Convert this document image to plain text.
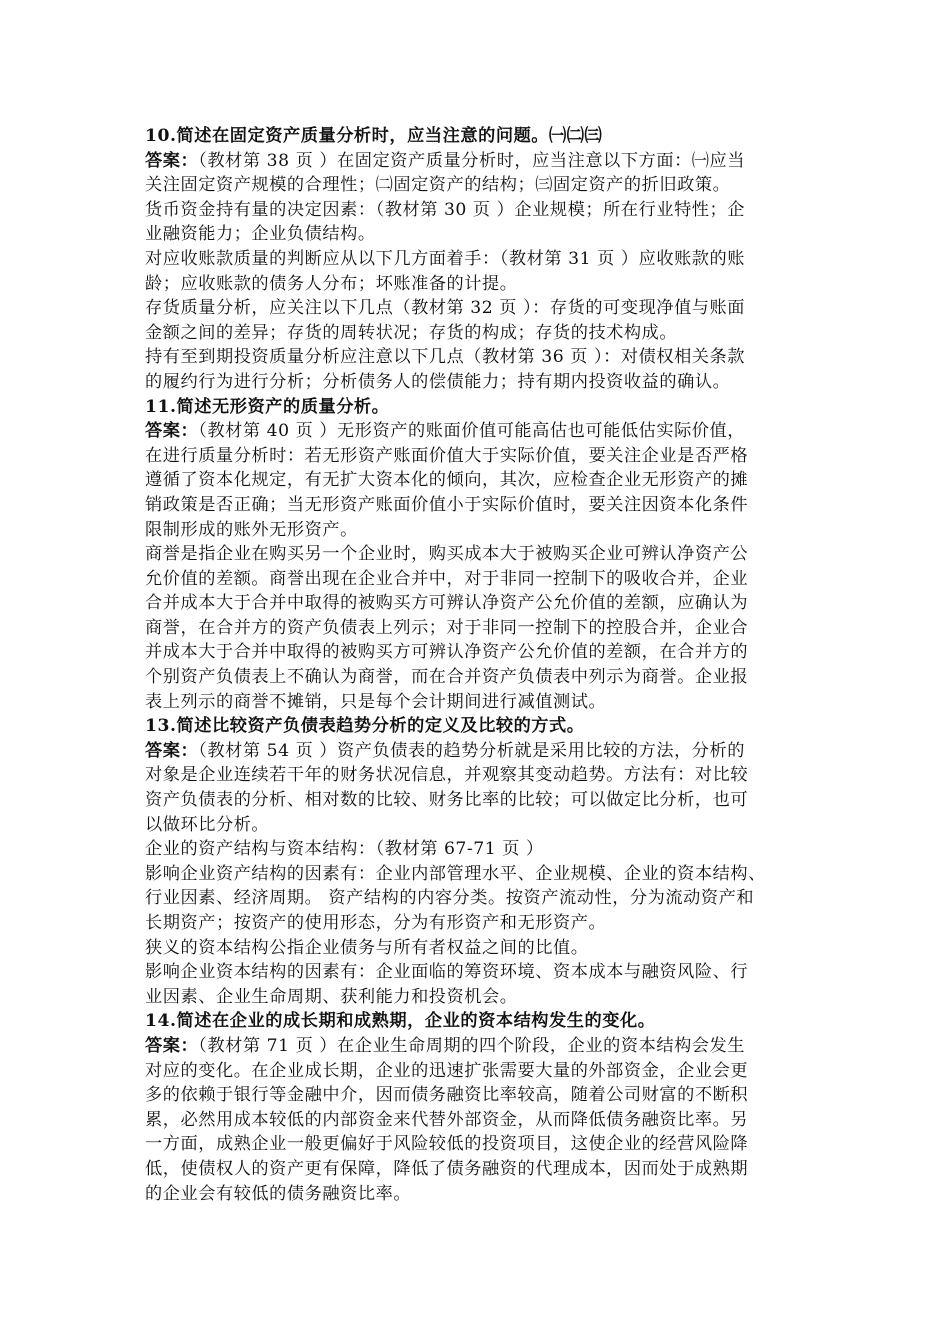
10.简述在固定资产质量分析时，应当注意的问题。㈠㈡㈢
答案：（教材第 38 页 ）在固定资产质量分析时，应当注意以下方面：㈠应当
关注固定资产规模的合理性；㈡固定资产的结构；㈢固定资产的折旧政策。
货币资金持有量的决定因素：（教材第 30 页 ）企业规模；所在行业特性；企
业融资能力；企业负债结构。
对应收账款质量的判断应从以下几方面着手：（教材第 31 页 ）应收账款的账
龄；应收账款的债务人分布；坏账准备的计提。
存货质量分析，应关注以下几点（教材第 32 页 ）：存货的可变现净值与账面
金额之间的差异；存货的周转状况；存货的构成；存货的技术构成。
持有至到期投资质量分析应注意以下几点（教材第 36 页 ）：对债权相关条款
的履约行为进行分析；分析债务人的偿债能力；持有期内投资收益的确认。
11.简述无形资产的质量分析。
答案：（教材第 40 页 ）无形资产的账面价值可能高估也可能低估实际价值，
在进行质量分析时：若无形资产账面价值大于实际价值，要关注企业是否严格
遵循了资本化规定，有无扩大资本化的倾向，其次，应检查企业无形资产的摊
销政策是否正确；当无形资产账面价值小于实际价值时，要关注因资本化条件
限制形成的账外无形资产。
商誉是指企业在购买另一个企业时，购买成本大于被购买企业可辨认净资产公
允价值的差额。商誉出现在企业合并中，对于非同一控制下的吸收合并，企业
合并成本大于合并中取得的被购买方可辨认净资产公允价值的差额，应确认为
商誉，在合并方的资产负债表上列示；对于非同一控制下的控股合并，企业合
并成本大于合并中取得的被购买方可辨认净资产公允价值的差额，在合并方的
个别资产负债表上不确认为商誉，而在合并资产负债表中列示为商誉。企业报
表上列示的商誉不摊销，只是每个会计期间进行减值测试。
13.简述比较资产负债表趋势分析的定义及比较的方式。
答案：（教材第 54 页 ）资产负债表的趋势分析就是采用比较的方法，分析的
对象是企业连续若干年的财务状况信息，并观察其变动趋势。方法有：对比较
资产负债表的分析、相对数的比较、财务比率的比较；可以做定比分析，也可
以做环比分析。
企业的资产结构与资本结构：（教材第 67-71 页 ）
影响企业资产结构的因素有：企业内部管理水平、企业规模、企业的资本结构、
行业因素、经济周期。 资产结构的内容分类。按资产流动性，分为流动资产和
长期资产；按资产的使用形态，分为有形资产和无形资产。
狭义的资本结构公指企业债务与所有者权益之间的比值。
影响企业资本结构的因素有：企业面临的筹资环境、资本成本与融资风险、行
业因素、企业生命周期、获利能力和投资机会。
14.简述在企业的成长期和成熟期，企业的资本结构发生的变化。
答案：（教材第 71 页 ）在企业生命周期的四个阶段，企业的资本结构会发生
对应的变化。在企业成长期，企业的迅速扩张需要大量的外部资金，企业会更
多的依赖于银行等金融中介，因而债务融资比率较高，随着公司财富的不断积
累，必然用成本较低的内部资金来代替外部资金，从而降低债务融资比率。另
一方面，成熟企业一般更偏好于风险较低的投资项目，这使企业的经营风险降
低，使债权人的资产更有保障，降低了债务融资的代理成本，因而处于成熟期
的企业会有较低的债务融资比率。
